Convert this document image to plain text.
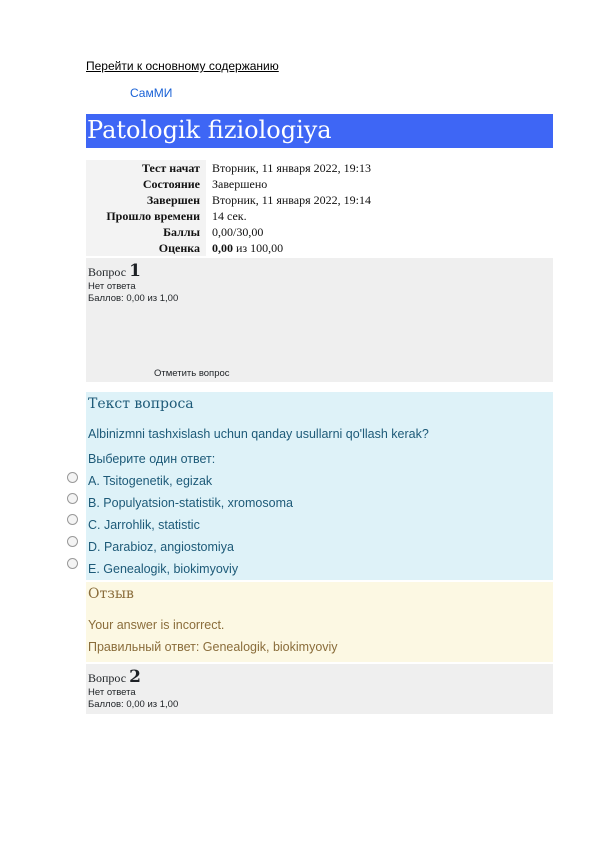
Перейти к основному содержанию
СамМИ
Patologik fiziologiya
Тест начат	Вторник, 11 января 2022, 19:13
Состояние	Завершено
Завершен	Вторник, 11 января 2022, 19:14
Прошло времени	14 сек.
Баллы	0,00/30,00
Оценка	0,00 из 100,00
Вопрос 1
Нет ответа
Баллов: 0,00 из 1,00
Отметить вопрос
Текст вопроса
Albinizmni tashxislash uchun qanday usullarni qo'llash kerak?
Выберите один ответ:
A. Tsitogenetik, egizak
B. Populyatsion-statistik, xromosoma
C. Jarrohlik, statistic
D. Parabioz, angiostomiya
E. Genealogik, biokimyoviy
Отзыв
Your answer is incorrect.
Правильный ответ: Genealogik, biokimyoviy
Вопрос 2
Нет ответа
Баллов: 0,00 из 1,00
